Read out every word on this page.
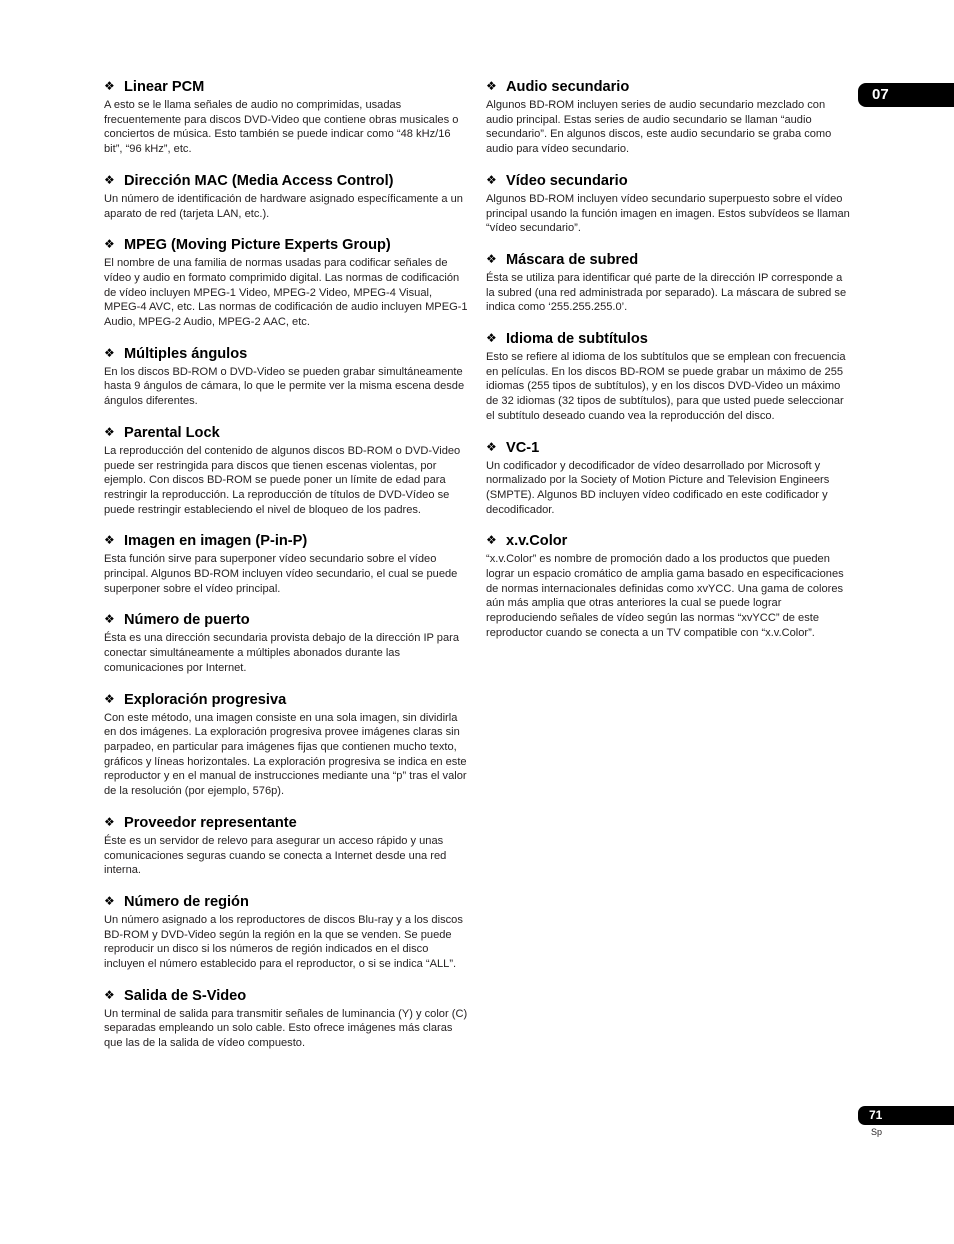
❖ Linear PCM

A esto se le llama señales de audio no comprimidas, usadas frecuentemente para discos DVD-Video que contiene obras musicales o conciertos de música. Esto también se puede indicar como “48 kHz/16 bit”, “96 kHz”, etc.

❖ Dirección MAC (Media Access Control)

Un número de identificación de hardware asignado específicamente a un aparato de red (tarjeta LAN, etc.).

❖ MPEG (Moving Picture Experts Group)

El nombre de una familia de normas usadas para codificar señales de vídeo y audio en formato comprimido digital. Las normas de codificación de vídeo incluyen MPEG-1 Video, MPEG-2 Video, MPEG-4 Visual, MPEG-4 AVC, etc. Las normas de codificación de audio incluyen MPEG-1 Audio, MPEG-2 Audio, MPEG-2 AAC, etc.

❖ Múltiples ángulos

En los discos BD-ROM o DVD-Video se pueden grabar simultáneamente hasta 9 ángulos de cámara, lo que le permite ver la misma escena desde ángulos diferentes.

❖ Parental Lock

La reproducción del contenido de algunos discos BD-ROM o DVD-Video puede ser restringida para discos que tienen escenas violentas, por ejemplo. Con discos BD-ROM se puede poner un límite de edad para restringir la reproducción. La reproducción de títulos de DVD-Vídeo se puede restringir estableciendo el nivel de bloqueo de los padres.

❖ Imagen en imagen (P-in-P)

Esta función sirve para superponer vídeo secundario sobre el vídeo principal. Algunos BD-ROM incluyen vídeo secundario, el cual se puede superponer sobre el vídeo principal.

❖ Número de puerto

Ésta es una dirección secundaria provista debajo de la dirección IP para conectar simultáneamente a múltiples abonados durante las comunicaciones por Internet.

❖ Exploración progresiva

Con este método, una imagen consiste en una sola imagen, sin dividirla en dos imágenes. La exploración progresiva provee imágenes claras sin parpadeo, en particular para imágenes fijas que contienen mucho texto, gráficos y líneas horizontales. La exploración progresiva se indica en este reproductor y en el manual de instrucciones mediante una “p” tras el valor de la resolución (por ejemplo, 576p).

❖ Proveedor representante

Éste es un servidor de relevo para asegurar un acceso rápido y unas comunicaciones seguras cuando se conecta a Internet desde una red interna.

❖ Número de región

Un número asignado a los reproductores de discos Blu-ray y a los discos BD-ROM y DVD-Video según la región en la que se venden. Se puede reproducir un disco si los números de región indicados en el disco incluyen el número establecido para el reproductor, o si se indica “ALL”.

❖ Salida de S-Video

Un terminal de salida para transmitir señales de luminancia (Y) y color (C) separadas empleando un solo cable. Esto ofrece imágenes más claras que las de la salida de vídeo compuesto.

❖ Audio secundario

Algunos BD-ROM incluyen series de audio secundario mezclado con audio principal. Estas series de audio secundario se llaman “audio secundario”. En algunos discos, este audio secundario se graba como audio para vídeo secundario.

❖ Vídeo secundario

Algunos BD-ROM incluyen vídeo secundario superpuesto sobre el vídeo principal usando la función imagen en imagen. Estos subvídeos se llaman “vídeo secundario”.

❖ Máscara de subred

Ésta se utiliza para identificar qué parte de la dirección IP corresponde a la subred (una red administrada por separado). La máscara de subred se indica como ‘255.255.255.0’.

❖ Idioma de subtítulos

Esto se refiere al idioma de los subtítulos que se emplean con frecuencia en películas. En los discos BD-ROM se puede grabar un máximo de 255 idiomas (255 tipos de subtítulos), y en los discos DVD-Video un máximo de 32 idiomas (32 tipos de subtítulos), para que usted puede seleccionar el subtítulo deseado cuando vea la reproducción del disco.

❖ VC-1

Un codificador y decodificador de vídeo desarrollado por Microsoft y normalizado por la Society of Motion Picture and Television Engineers (SMPTE). Algunos BD incluyen vídeo codificado en este codificador y decodificador.

❖ x.v.Color

“x.v.Color” es nombre de promoción dado a los productos que pueden lograr un espacio cromático de amplia gama basado en especificaciones de normas internacionales definidas como xvYCC. Una gama de colores aún más amplia que otras anteriores la cual se puede lograr reproduciendo señales de vídeo según las normas “xvYCC” de este reproductor cuando se conecta a un TV compatible con “x.v.Color”.

07
71
Sp
